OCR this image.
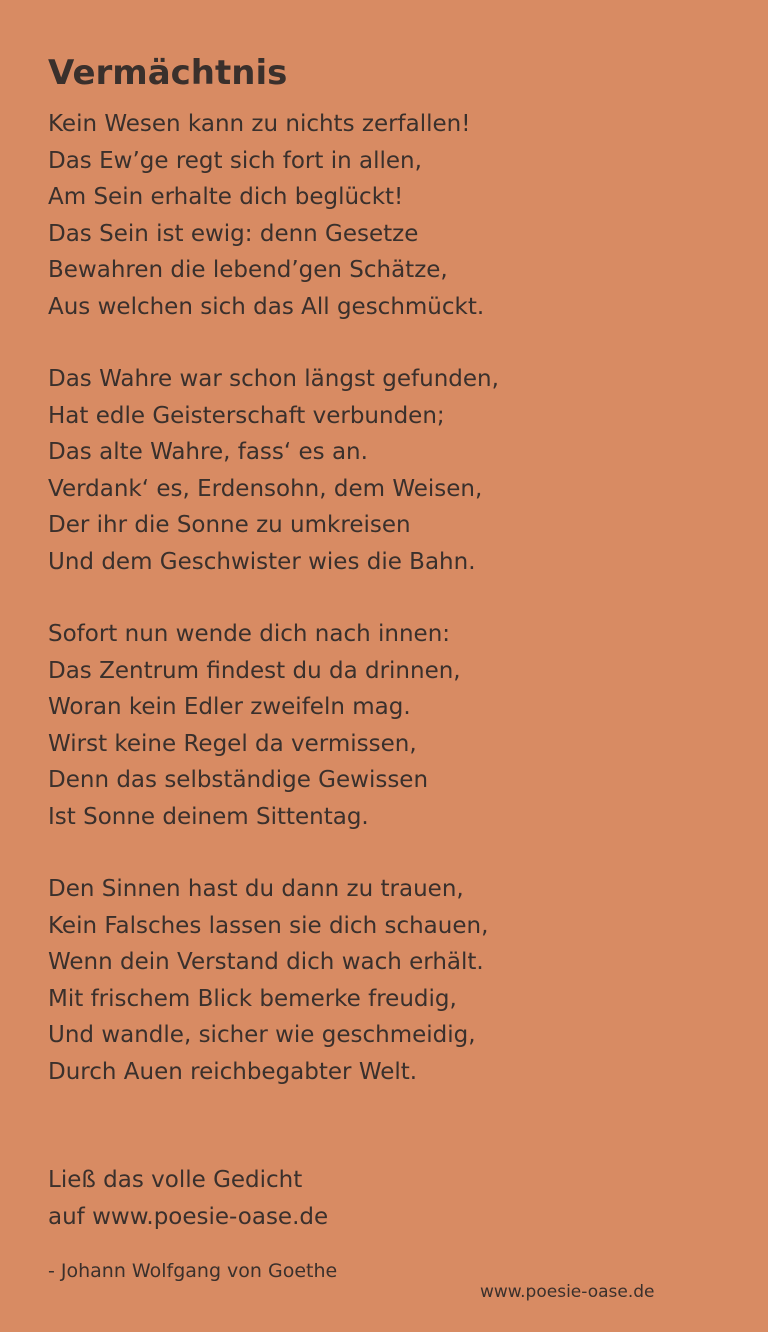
Vermächtnis
Kein Wesen kann zu nichts zerfallen!
Das Ew’ge regt sich fort in allen,
Am Sein erhalte dich beglückt!
Das Sein ist ewig: denn Gesetze
Bewahren die lebend’gen Schätze,
Aus welchen sich das All geschmückt.
Das Wahre war schon längst gefunden,
Hat edle Geisterschaft verbunden;
Das alte Wahre, fass‘ es an.
Verdank‘ es, Erdensohn, dem Weisen,
Der ihr die Sonne zu umkreisen
Und dem Geschwister wies die Bahn.
Sofort nun wende dich nach innen:
Das Zentrum findest du da drinnen,
Woran kein Edler zweifeln mag.
Wirst keine Regel da vermissen,
Denn das selbständige Gewissen
Ist Sonne deinem Sittentag.
Den Sinnen hast du dann zu trauen,
Kein Falsches lassen sie dich schauen,
Wenn dein Verstand dich wach erhält.
Mit frischem Blick bemerke freudig,
Und wandle, sicher wie geschmeidig,
Durch Auen reichbegabter Welt.
Ließ das volle Gedicht
auf www.poesie-oase.de
- Johann Wolfgang von Goethe
www.poesie-oase.de
